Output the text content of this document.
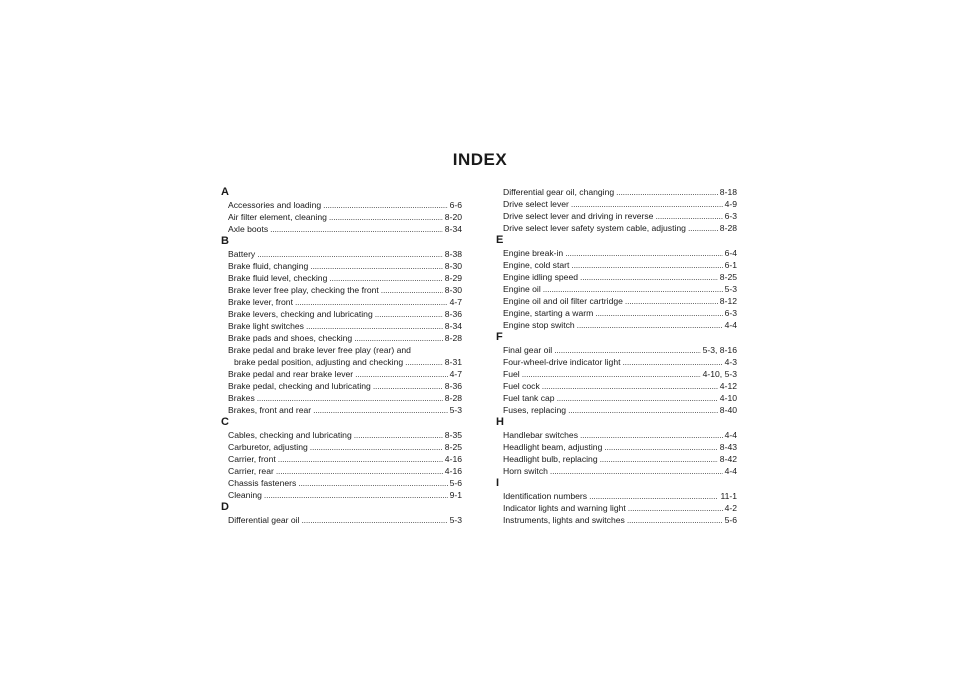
INDEX
A
Accessories and loading . . .	6-6
Air filter element, cleaning . . .	8-20
Axle boots . . .	8-34
B
Battery . . .	8-38
Brake fluid, changing . . .	8-30
Brake fluid level, checking . . .	8-29
Brake lever free play, checking the front . . .	8-30
Brake lever, front . . .	4-7
Brake levers, checking and lubricating . . .	8-36
Brake light switches . . .	8-34
Brake pads and shoes, checking . . .	8-28
Brake pedal and brake lever free play (rear) and
brake pedal position, adjusting and checking . . .	8-31
Brake pedal and rear brake lever . . .	4-7
Brake pedal, checking and lubricating . . .	8-36
Brakes . . .	8-28
Brakes, front and rear . . .	5-3
C
Cables, checking and lubricating . . .	8-35
Carburetor, adjusting . . .	8-25
Carrier, front . . .	4-16
Carrier, rear . . .	4-16
Chassis fasteners . . .	5-6
Cleaning . . .	9-1
D
Differential gear oil . . .	5-3
Differential gear oil, changing . . .	8-18
Drive select lever . . .	4-9
Drive select lever and driving in reverse . . .	6-3
Drive select lever safety system cable, adjusting . . .	8-28
E
Engine break-in . . .	6-4
Engine, cold start . . .	6-1
Engine idling speed . . .	8-25
Engine oil . . .	5-3
Engine oil and oil filter cartridge . . .	8-12
Engine, starting a warm . . .	6-3
Engine stop switch . . .	4-4
F
Final gear oil . . .	5-3, 8-16
Four-wheel-drive indicator light . . .	4-3
Fuel . . .	4-10, 5-3
Fuel cock . . .	4-12
Fuel tank cap . . .	4-10
Fuses, replacing . . .	8-40
H
Handlebar switches . . .	4-4
Headlight beam, adjusting . . .	8-43
Headlight bulb, replacing . . .	8-42
Horn switch . . .	4-4
I
Identification numbers . . .	11-1
Indicator lights and warning light . . .	4-2
Instruments, lights and switches . . .	5-6
